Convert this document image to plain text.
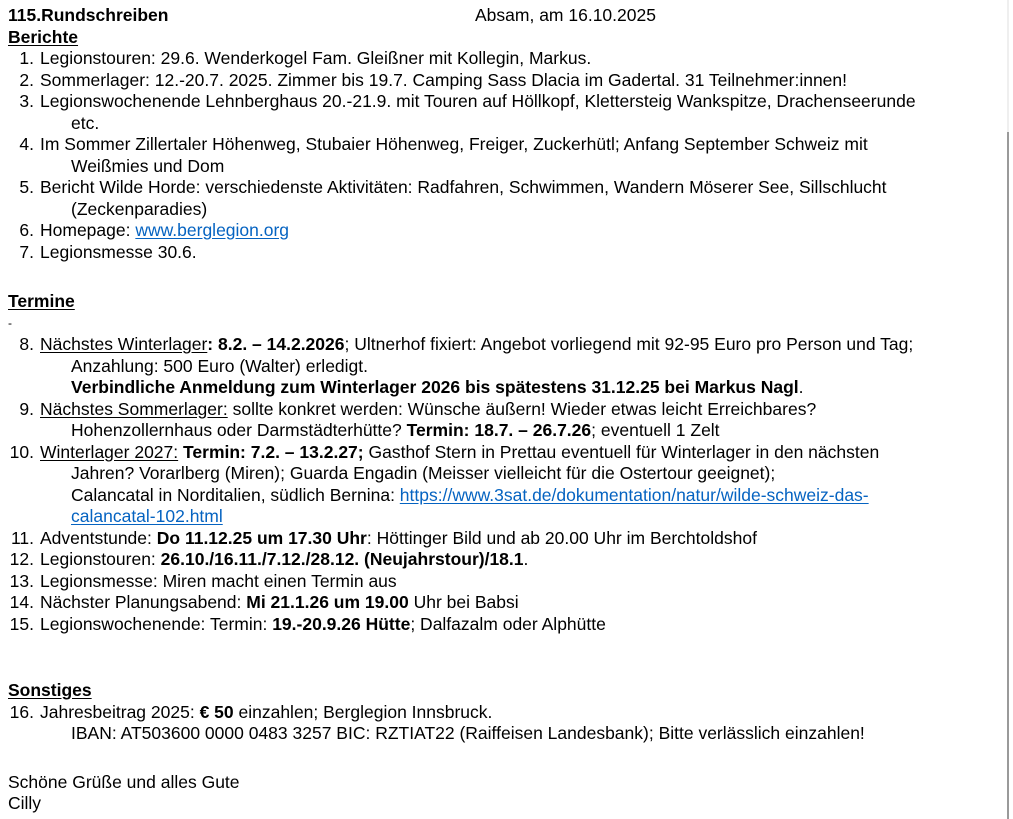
115.Rundschreiben	Absam, am 16.10.2025
Berichte
1. Legionstouren: 29.6. Wenderkogel Fam. Gleißner mit Kollegin, Markus.
2. Sommerlager: 12.-20.7. 2025. Zimmer bis 19.7. Camping Sass Dlacia im Gadertal. 31 Teilnehmer:innen!
3. Legionswochenende Lehnberghaus 20.-21.9. mit Touren auf Höllkopf, Klettersteig Wankspitze, Drachenseerunde
etc.
4. Im Sommer Zillertaler Höhenweg, Stubaier Höhenweg, Freiger, Zuckerhütl; Anfang September Schweiz mit
Weißmies und Dom
5. Bericht Wilde Horde: verschiedenste Aktivitäten: Radfahren, Schwimmen, Wandern Möserer See, Sillschlucht
(Zeckenparadies)
6. Homepage: www.berglegion.org
7. Legionsmesse 30.6.
Termine
-
8. Nächstes Winterlager: 8.2. – 14.2.2026; Ultnerhof fixiert: Angebot vorliegend mit 92-95 Euro pro Person und Tag;
Anzahlung: 500 Euro (Walter) erledigt.
Verbindliche Anmeldung zum Winterlager 2026 bis spätestens 31.12.25 bei Markus Nagl.
9. Nächstes Sommerlager: sollte konkret werden: Wünsche äußern! Wieder etwas leicht Erreichbares?
Hohenzollernhaus oder Darmstädterhütte? Termin: 18.7. – 26.7.26; eventuell 1 Zelt
10. Winterlager 2027: Termin: 7.2. – 13.2.27; Gasthof Stern in Prettau eventuell für Winterlager in den nächsten
Jahren? Vorarlberg (Miren); Guarda Engadin (Meisser vielleicht für die Ostertour geeignet);
Calancatal in Norditalien, südlich Bernina: https://www.3sat.de/dokumentation/natur/wilde-schweiz-das-
calancatal-102.html
11. Adventstunde: Do 11.12.25 um 17.30 Uhr: Höttinger Bild und ab 20.00 Uhr im Berchtoldshof
12. Legionstouren: 26.10./16.11./7.12./28.12. (Neujahrstour)/18.1.
13. Legionsmesse: Miren macht einen Termin aus
14. Nächster Planungsabend: Mi 21.1.26 um 19.00 Uhr bei Babsi
15. Legionswochenende: Termin: 19.-20.9.26 Hütte; Dalfazalm oder Alphütte
Sonstiges
16. Jahresbeitrag 2025: € 50 einzahlen; Berglegion Innsbruck.
IBAN: AT503600 0000 0483 3257 BIC: RZTIAT22 (Raiffeisen Landesbank); Bitte verlässlich einzahlen!
Schöne Grüße und alles Gute
Cilly
